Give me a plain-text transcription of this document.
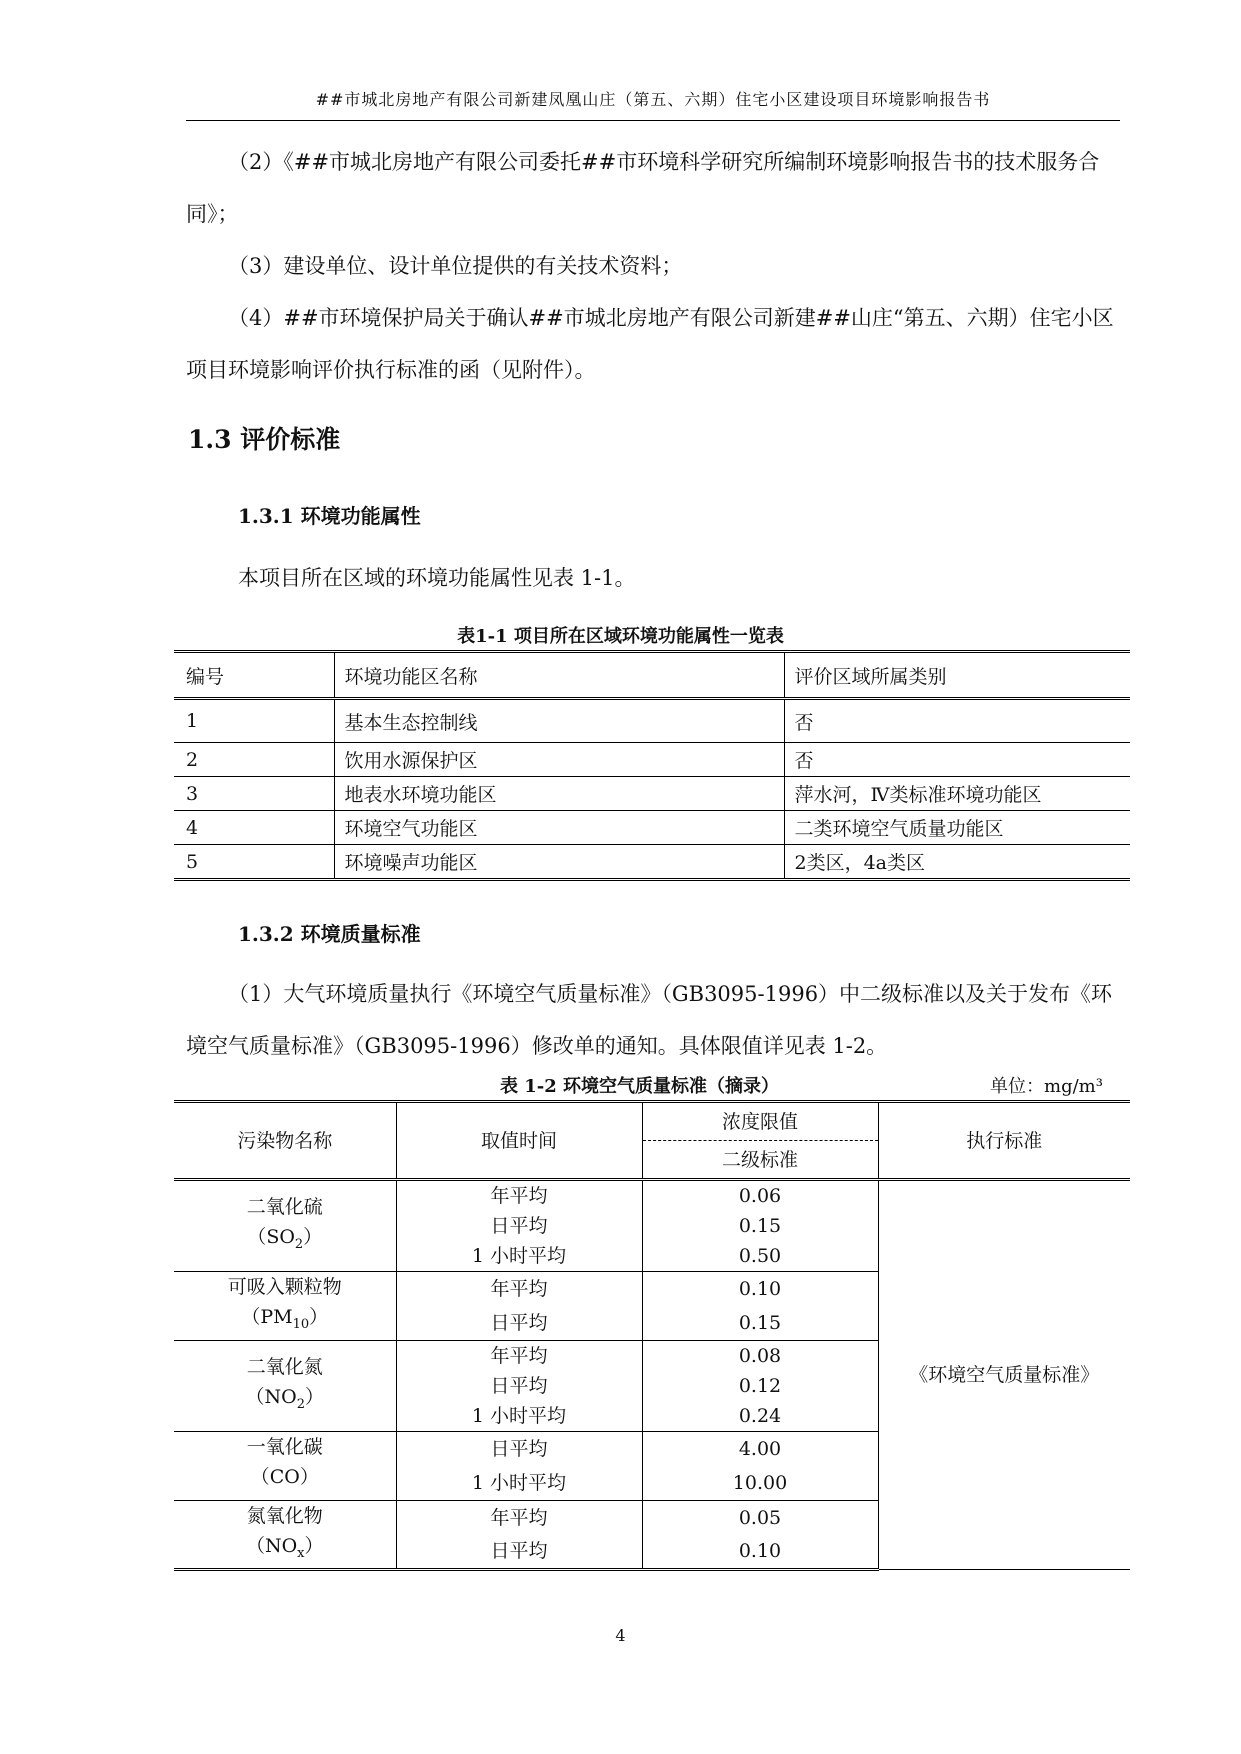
##市城北房地产有限公司新建凤凰山庄（第五、六期）住宅小区建设项目环境影响报告书
（2）《##市城北房地产有限公司委托##市环境科学研究所编制环境影响报告书的技术服务合同》；
（3）建设单位、设计单位提供的有关技术资料；
（4）##市环境保护局关于确认##市城北房地产有限公司新建##山庄“第五、六期）住宅小区项目环境影响评价执行标准的函（见附件）。
1.3 评价标准
1.3.1 环境功能属性
本项目所在区域的环境功能属性见表 1-1。
表1-1 项目所在区域环境功能属性一览表
编号	环境功能区名称	评价区域所属类别
1	基本生态控制线	否
2	饮用水源保护区	否
3	地表水环境功能区	萍水河，Ⅳ类标准环境功能区
4	环境空气功能区	二类环境空气质量功能区
5	环境噪声功能区	2类区，4a类区
1.3.2 环境质量标准
（1）大气环境质量执行《环境空气质量标准》（GB3095-1996）中二级标准以及关于发布《环境空气质量标准》（GB3095-1996）修改单的通知。具体限值详见表 1-2。
表 1-2 环境空气质量标准（摘录）	单位：mg/m³
污染物名称	取值时间	浓度限值	执行标准
		二级标准	

二氧化硫
$(SO_2)$	年平均	0.06	《环境空气质量标准》
	日平均	0.15	
	1 小时平均	0.50	

可吸入颗粒物
$(PM_{10})$	年平均	0.10	
	日平均	0.15	

二氧化氮
$(NO_2)$	年平均	0.08	
	日平均	0.12	
	1 小时平均	0.24	

一氧化碳
（CO）	日平均	4.00	
	1 小时平均	10.00	

氮氧化物
$(NO_x)$	年平均	0.05	
	日平均	0.10	
4
